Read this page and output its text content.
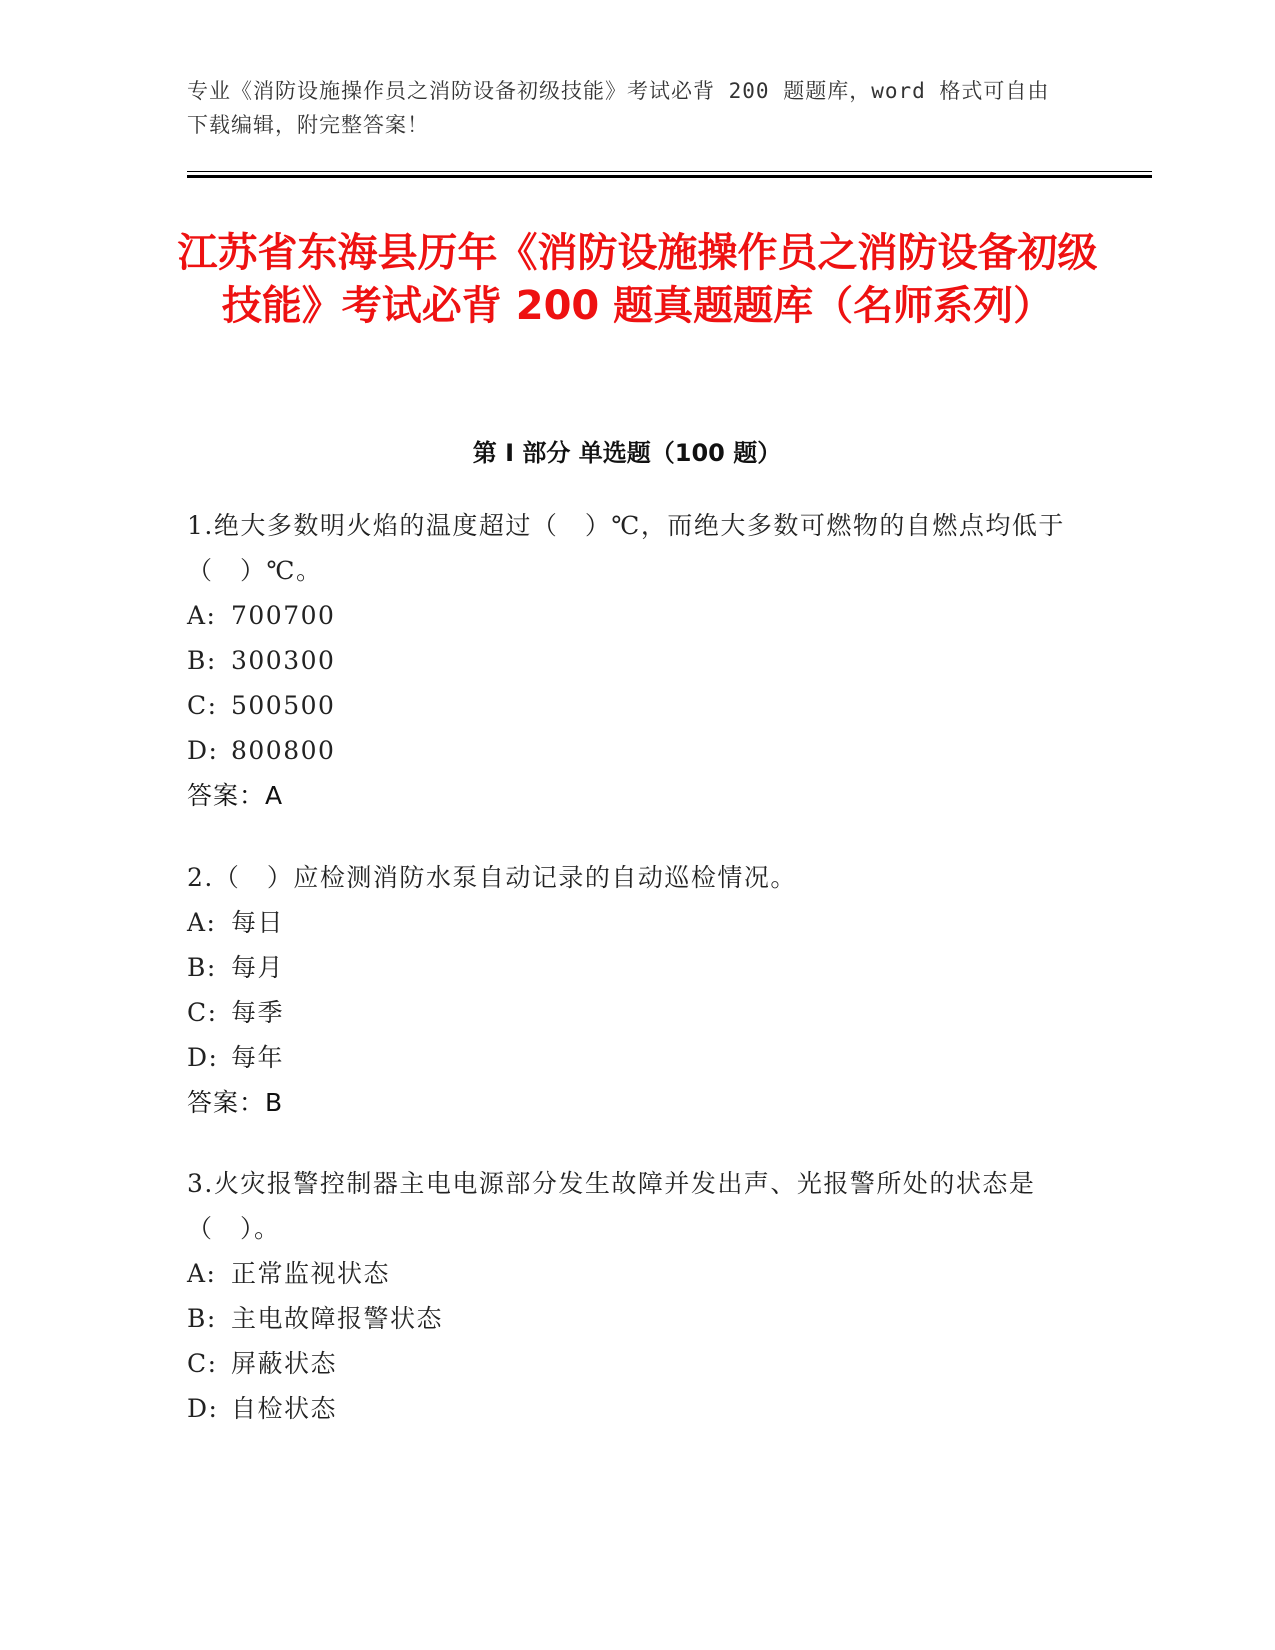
专业《消防设施操作员之消防设备初级技能》考试必背 200 题题库，word 格式可自由下载编辑，附完整答案！

江苏省东海县历年《消防设施操作员之消防设备初级技能》考试必背 200 题真题题库（名师系列）
第 I 部分 单选题（100 题）

1.绝大多数明火焰的温度超过（　）℃，而绝大多数可燃物的自燃点均低于（　）℃。

A: 700700

B: 300300

C: 500500

D: 800800

答案：A

2.（　）应检测消防水泵自动记录的自动巡检情况。

A: 每日

B: 每月

C: 每季

D: 每年

答案：B

3.火灾报警控制器主电电源部分发生故障并发出声、光报警所处的状态是（　）。

A: 正常监视状态

B: 主电故障报警状态

C: 屏蔽状态

D: 自检状态
